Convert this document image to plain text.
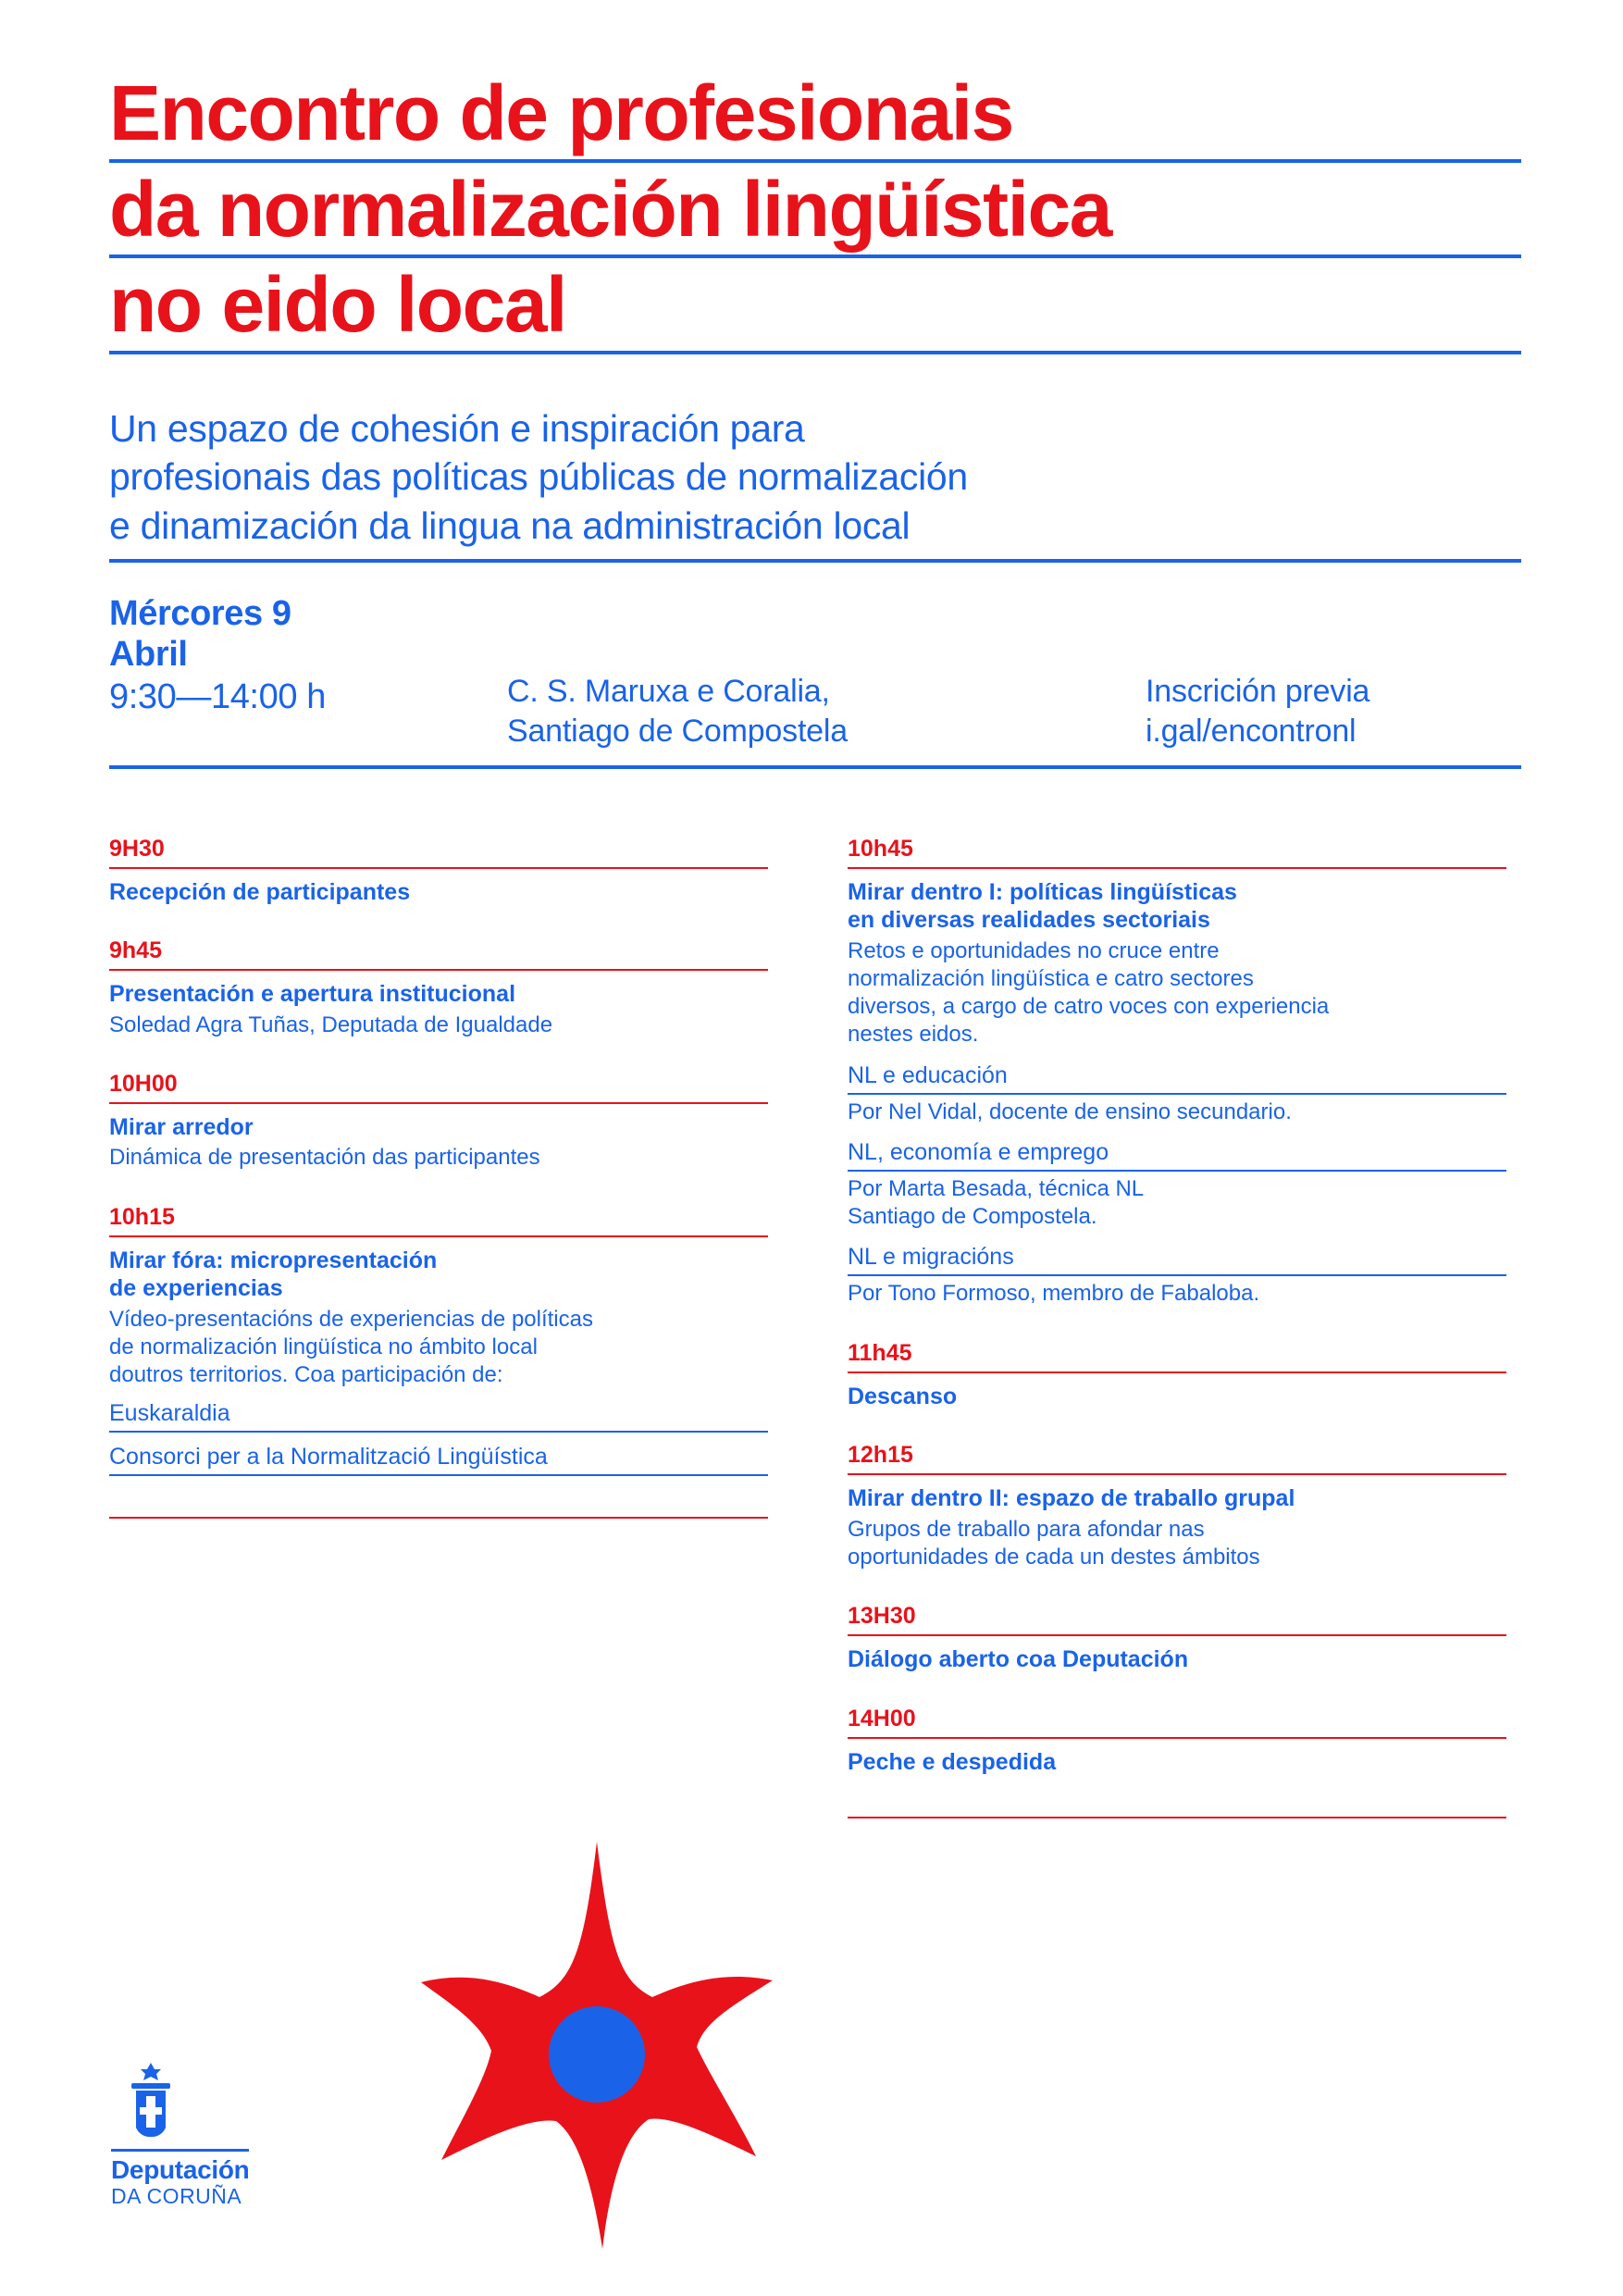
Encontro de profesionais
da normalización lingüística
no eido local
Un espazo de cohesión e inspiración para
profesionais das políticas públicas de normalización
e dinamización da lingua na administración local
Mércores 9
Abril
9:30—14:00 h	C. S. Maruxa e Coralia,
Santiago de Compostela
Inscrición previa
i.gal/encontronl
9H30
Recepción de participantes
9h45
Presentación e apertura institucional
Soledad Agra Tuñas, Deputada de Igualdade
10H00
Mirar arredor
Dinámica de presentación das participantes
10h15
Mirar fóra: micropresentación
de experiencias
Vídeo-presentacións de experiencias de políticas
de normalización lingüística no ámbito local
doutros territorios. Coa participación de:
Euskaraldia
Consorci per a la Normalització Lingüística
10h45
Mirar dentro I: políticas lingüísticas
en diversas realidades sectoriais
Retos e oportunidades no cruce entre
normalización lingüística e catro sectores
diversos, a cargo de catro voces con experiencia
nestes eidos.
NL e educación
Por Nel Vidal, docente de ensino secundario.
NL, economía e emprego
Por Marta Besada, técnica NL
Santiago de Compostela.
NL e migracións
Por Tono Formoso, membro de Fabaloba.
11h45
Descanso
12h15
Mirar dentro II: espazo de traballo grupal
Grupos de traballo para afondar nas
oportunidades de cada un destes ámbitos
13H30
Diálogo aberto coa Deputación
14H00
Peche e despedida
Deputación
DA CORUÑA
